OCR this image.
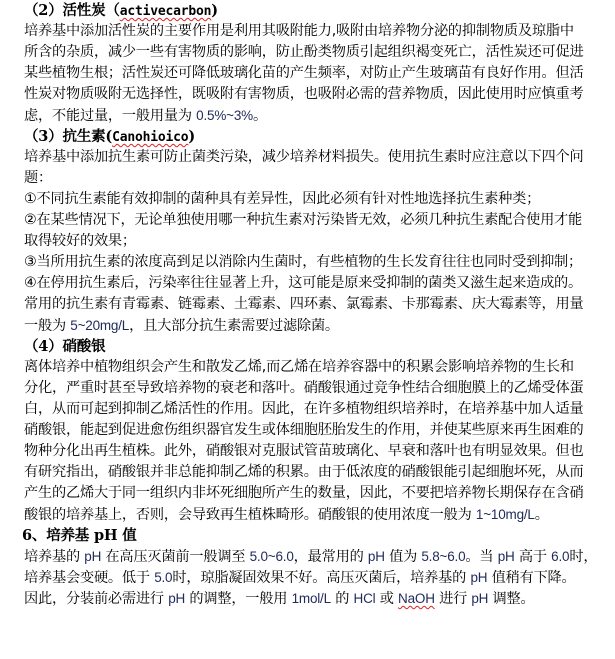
（2）活性炭（activecarbon)
培养基中添加活性炭的主要作用是利用其吸附能力,吸附由培养物分泌的抑制物质及琼脂中
所含的杂质，减少一些有害物质的影响，防止酚类物质引起组织褐变死亡，活性炭还可促进
某些植物生根；活性炭还可降低玻璃化苗的产生频率，对防止产生玻璃苗有良好作用。但活
性炭对物质吸附无选择性，既吸附有害物质，也吸附必需的营养物质，因此使用时应慎重考
虑，不能过量，一般用量为 0.5%~3%。
（3）抗生素(Canohioico)
培养基中添加抗生素可防止菌类污染，减少培养材料损失。使用抗生素时应注意以下四个问
题：
①不同抗生素能有效抑制的菌种具有差异性，因此必须有针对性地选择抗生素种类；
②在某些情况下，无论单独使用哪一种抗生素对污染皆无效，必须几种抗生素配合使用才能
取得较好的效果；
③当所用抗生素的浓度高到足以消除内生菌时，有些植物的生长发育往往也同时受到抑制；
④在停用抗生素后，污染率往往显著上升，这可能是原来受抑制的菌类又滋生起来造成的。
常用的抗生素有青霉素、链霉素、土霉素、四环素、氯霉素、卡那霉素、庆大霉素等，用量
一般为 5~20mg/L，且大部分抗生素需要过滤除菌。
（4）硝酸银
离体培养中植物组织会产生和散发乙烯,而乙烯在培养容器中的积累会影响培养物的生长和
分化，严重时甚至导致培养物的衰老和落叶。硝酸银通过竞争性结合细胞膜上的乙烯受体蛋
白，从而可起到抑制乙烯活性的作用。因此，在许多植物组织培养时，在培养基中加人适量
硝酸银，能起到促进愈伤组织器官发生或体细胞胚胎发生的作用，并使某些原来再生困难的
物种分化出再生植株。此外，硝酸银对克服试管苗玻璃化、早衰和落叶也有明显效果。但也
有研究指出，硝酸银并非总能抑制乙烯的积累。由于低浓度的硝酸银能引起细胞坏死，从而
产生的乙烯大于同一组织内非坏死细胞所产生的数量，因此，不要把培养物长期保存在含硝
酸银的培养基上，否则，会导致再生植株畸形。硝酸银的使用浓度一般为 1~10mg/L。
6、培养基 pH 值
培养基的 pH 在高压灭菌前一般调至 5.0~6.0，最常用的 pH 值为 5.8~6.0。当 pH 高于 6.0时，
培养基会变硬。低于 5.0时，琼脂凝固效果不好。高压灭菌后，培养基的 pH 值稍有下降。
因此，分装前必需进行 pH 的调整，一般用 1mol/L 的 HCl 或 NaOH 进行 pH 调整。
